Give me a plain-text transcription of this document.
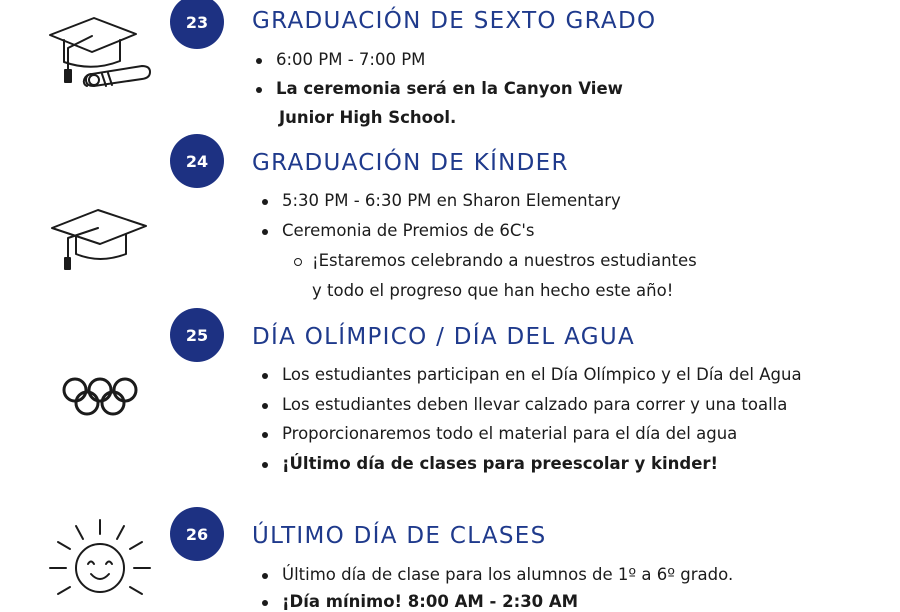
23	GRADUACIÓN DE SEXTO GRADO
6:00 PM - 7:00 PM
La ceremonia será en la Canyon View
Junior High School.
24	GRADUACIÓN DE KÍNDER
5:30 PM - 6:30 PM en Sharon Elementary
Ceremonia de Premios de 6C's
¡Estaremos celebrando a nuestros estudiantes
y todo el progreso que han hecho este año!
25	DÍA OLÍMPICO / DÍA DEL AGUA
Los estudiantes participan en el Día Olímpico y el Día del Agua
Los estudiantes deben llevar calzado para correr y una toalla
Proporcionaremos todo el material para el día del agua
¡Último día de clases para preescolar y kinder!
26	ÚLTIMO DÍA DE CLASES
Último día de clase para los alumnos de 1º a 6º grado.
¡Día mínimo! 8:00 AM - 2:30 AM
